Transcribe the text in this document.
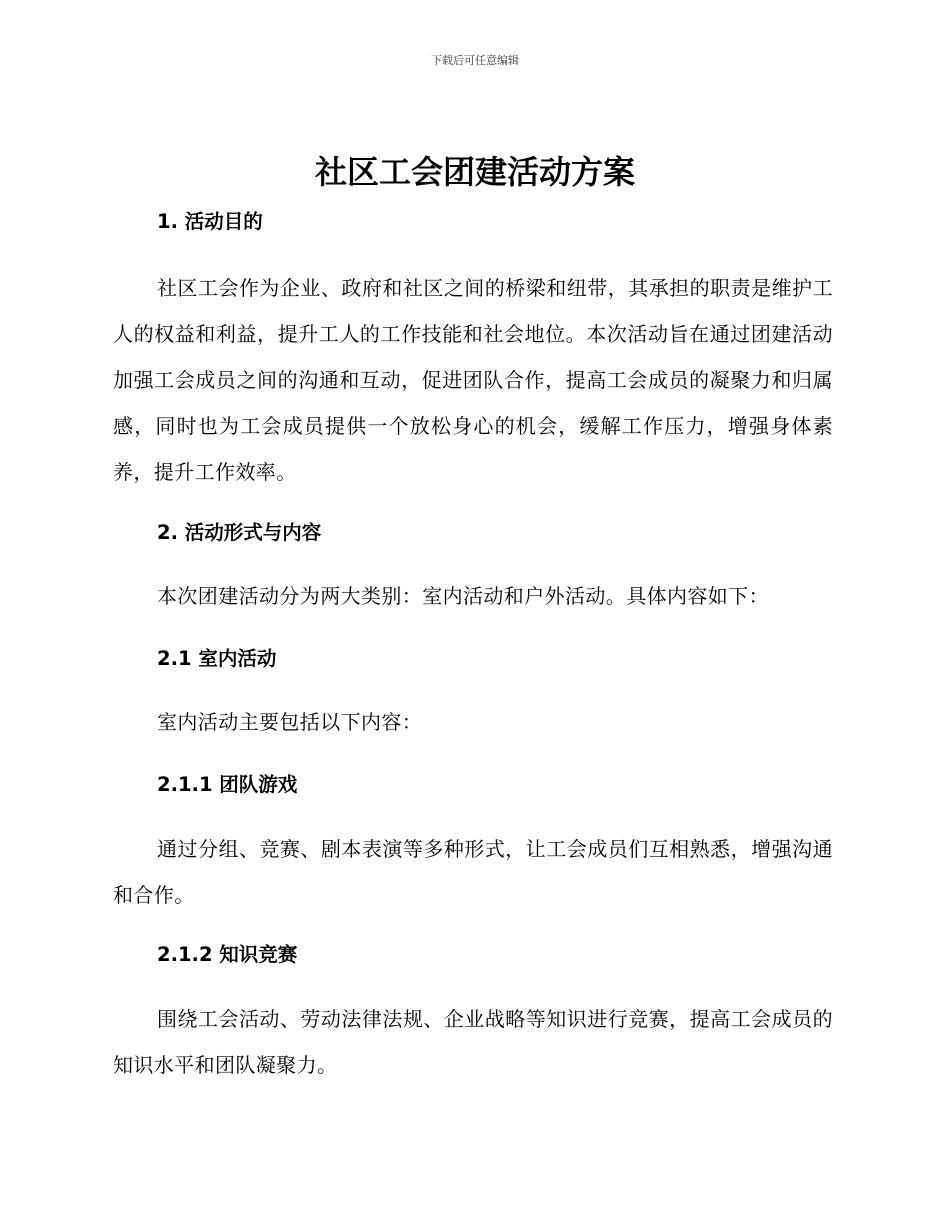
下载后可任意编辑
社区工会团建活动方案
1. 活动目的
社区工会作为企业、政府和社区之间的桥梁和纽带，其承担的职责是维护工人的权益和利益，提升工人的工作技能和社会地位。本次活动旨在通过团建活动加强工会成员之间的沟通和互动，促进团队合作，提高工会成员的凝聚力和归属感，同时也为工会成员提供一个放松身心的机会，缓解工作压力，增强身体素养，提升工作效率。
2. 活动形式与内容
本次团建活动分为两大类别：室内活动和户外活动。具体内容如下：
2.1 室内活动
室内活动主要包括以下内容：
2.1.1 团队游戏
通过分组、竞赛、剧本表演等多种形式，让工会成员们互相熟悉，增强沟通和合作。
2.1.2 知识竞赛
围绕工会活动、劳动法律法规、企业战略等知识进行竞赛，提高工会成员的知识水平和团队凝聚力。
